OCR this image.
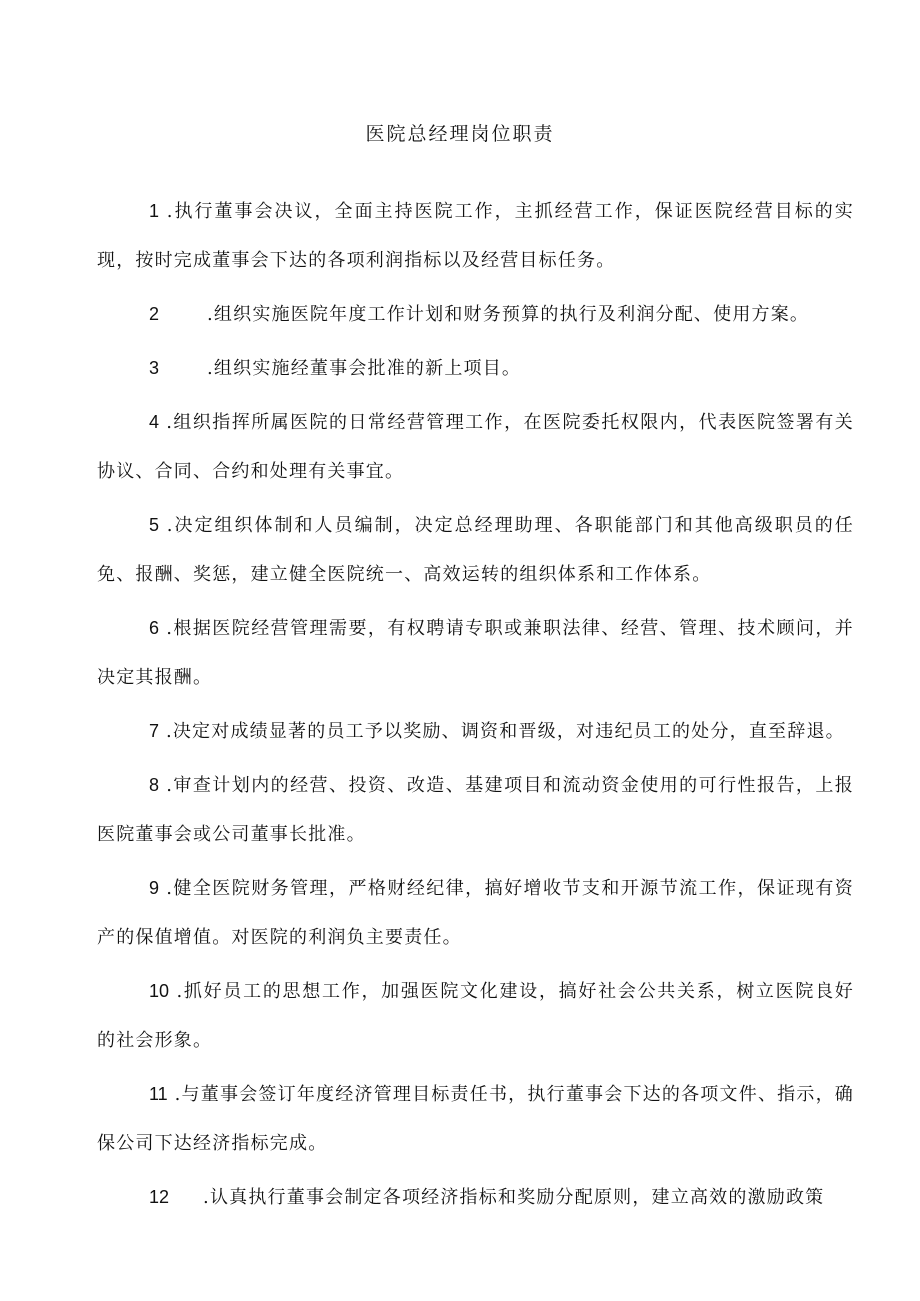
医院总经理岗位职责

1 .执行董事会决议，全面主持医院工作，主抓经营工作，保证医院经营目标的实现，按时完成董事会下达的各项利润指标以及经营目标任务。

2	.组织实施医院年度工作计划和财务预算的执行及利润分配、使用方案。

3	.组织实施经董事会批准的新上项目。

4 .组织指挥所属医院的日常经营管理工作，在医院委托权限内，代表医院签署有关协议、合同、合约和处理有关事宜。

5 .决定组织体制和人员编制，决定总经理助理、各职能部门和其他高级职员的任免、报酬、奖惩，建立健全医院统一、高效运转的组织体系和工作体系。

6 .根据医院经营管理需要，有权聘请专职或兼职法律、经营、管理、技术顾问，并决定其报酬。

7 .决定对成绩显著的员工予以奖励、调资和晋级，对违纪员工的处分，直至辞退。

8 .审查计划内的经营、投资、改造、基建项目和流动资金使用的可行性报告，上报医院董事会或公司董事长批准。

9 .健全医院财务管理，严格财经纪律，搞好增收节支和开源节流工作，保证现有资产的保值增值。对医院的利润负主要责任。

10 .抓好员工的思想工作，加强医院文化建设，搞好社会公共关系，树立医院良好的社会形象。

11 .与董事会签订年度经济管理目标责任书，执行董事会下达的各项文件、指示，确保公司下达经济指标完成。

12 .认真执行董事会制定各项经济指标和奖励分配原则，建立高效的激励政策
